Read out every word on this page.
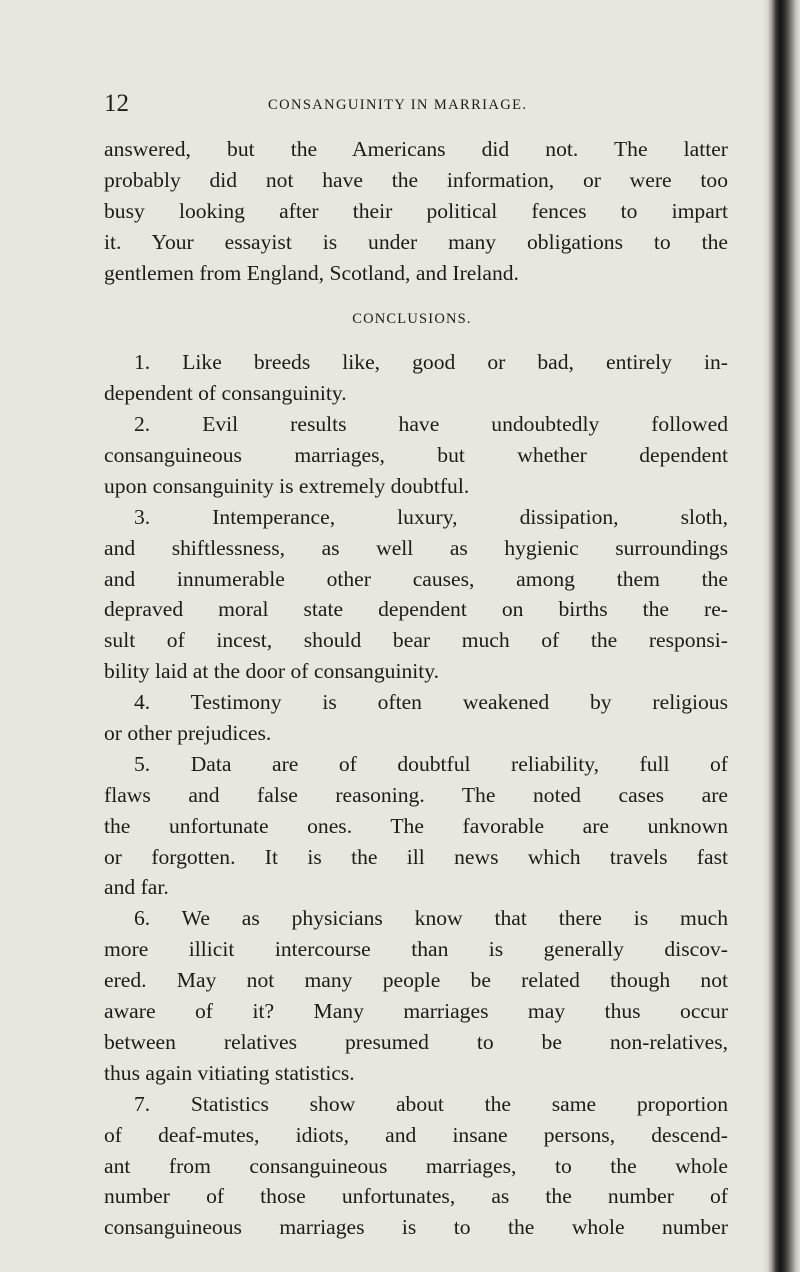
12	CONSANGUINITY IN MARRIAGE.
answered, but the Americans did not. The latter
probably did not have the information, or were too
busy looking after their political fences to impart
it. Your essayist is under many obligations to the
gentlemen from England, Scotland, and Ireland.
CONCLUSIONS.
1. Like breeds like, good or bad, entirely in-
dependent of consanguinity.
2. Evil results have undoubtedly followed
consanguineous marriages, but whether dependent
upon consanguinity is extremely doubtful.
3. Intemperance, luxury, dissipation, sloth,
and shiftlessness, as well as hygienic surroundings
and innumerable other causes, among them the
depraved moral state dependent on births the re-
sult of incest, should bear much of the responsi-
bility laid at the door of consanguinity.
4. Testimony is often weakened by religious
or other prejudices.
5. Data are of doubtful reliability, full of
flaws and false reasoning. The noted cases are
the unfortunate ones. The favorable are unknown
or forgotten. It is the ill news which travels fast
and far.
6. We as physicians know that there is much
more illicit intercourse than is generally discov-
ered. May not many people be related though not
aware of it? Many marriages may thus occur
between relatives presumed to be non-relatives,
thus again vitiating statistics.
7. Statistics show about the same proportion
of deaf-mutes, idiots, and insane persons, descend-
ant from consanguineous marriages, to the whole
number of those unfortunates, as the number of
consanguineous marriages is to the whole number
